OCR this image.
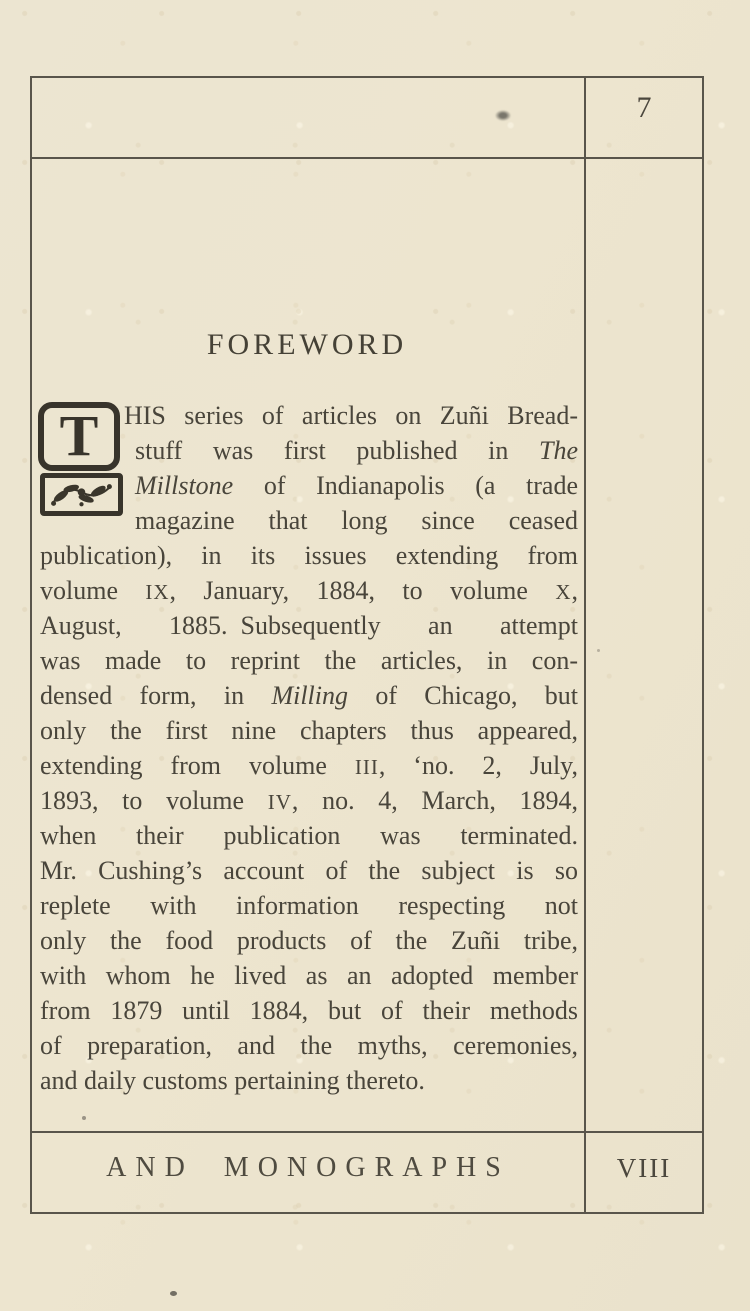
7
FOREWORD
T HIS series of articles on Zuñi Bread-
stuff was first published in The
Millstone of Indianapolis (a trade
magazine that long since ceased
publication), in its issues extending from
volume IX, January, 1884, to volume X,
August, 1885. Subsequently an attempt
was made to reprint the articles, in con-
densed form, in Milling of Chicago, but
only the first nine chapters thus appeared,
extending from volume III, ‘no. 2, July,
1893, to volume IV, no. 4, March, 1894,
when their publication was terminated.
Mr. Cushing’s account of the subject is so
replete with information respecting not
only the food products of the Zuñi tribe,
with whom he lived as an adopted member
from 1879 until 1884, but of their methods
of preparation, and the myths, ceremonies,
and daily customs pertaining thereto.
AND MONOGRAPHS	VIII
